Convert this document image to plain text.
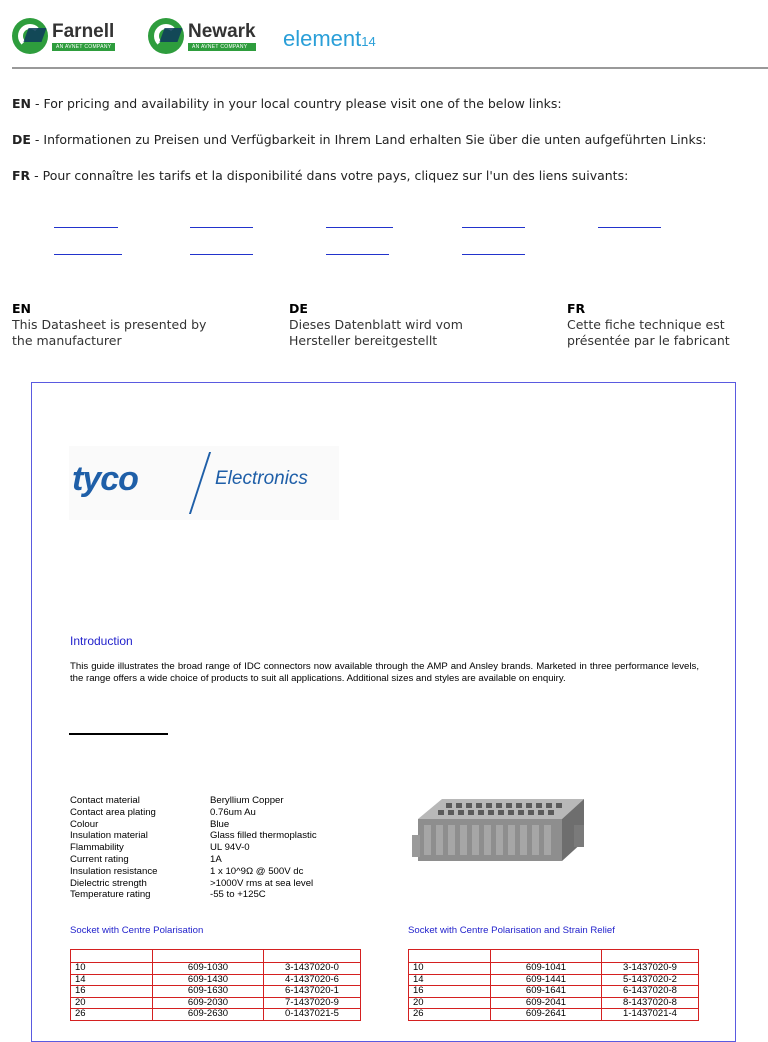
Farnell
AN AVNET COMPANY
Newark
AN AVNET COMPANY	element14
EN - For pricing and availability in your local country please visit one of the below links:
DE - Informationen zu Preisen und Verfügbarkeit in Ihrem Land erhalten Sie über die unten aufgeführten Links:
FR - Pour connaître les tarifs et la disponibilité dans votre pays, cliquez sur l'un des liens suivants:
EN
This Datasheet is presented by
the manufacturer
DE
Dieses Datenblatt wird vom
Hersteller bereitgestellt
FR
Cette fiche technique est
présentée par le fabricant
tyco	Electronics
Introduction
This guide illustrates the broad range of IDC connectors now available through the AMP and Ansley brands. Marketed in three performance levels, the range offers a wide choice of products to suit all applications. Additional sizes and styles are available on enquiry.
Contact material	Beryllium Copper
Contact area plating	0.76um Au
Colour	Blue
Insulation material	Glass filled thermoplastic
Flammability	UL 94V-0
Current rating	1A
Insulation resistance	1 x 10^9Ω @ 500V dc
Dielectric strength	>1000V rms at sea level
Temperature rating	-55 to +125C
Socket with Centre Polarisation

10	609-1030	3-1437020-0
14	609-1430	4-1437020-6
16	609-1630	6-1437020-1
20	609-2030	7-1437020-9
26	609-2630	0-1437021-5
Socket with Centre Polarisation and Strain Relief

10	609-1041	3-1437020-9
14	609-1441	5-1437020-2
16	609-1641	6-1437020-8
20	609-2041	8-1437020-8
26	609-2641	1-1437021-4
